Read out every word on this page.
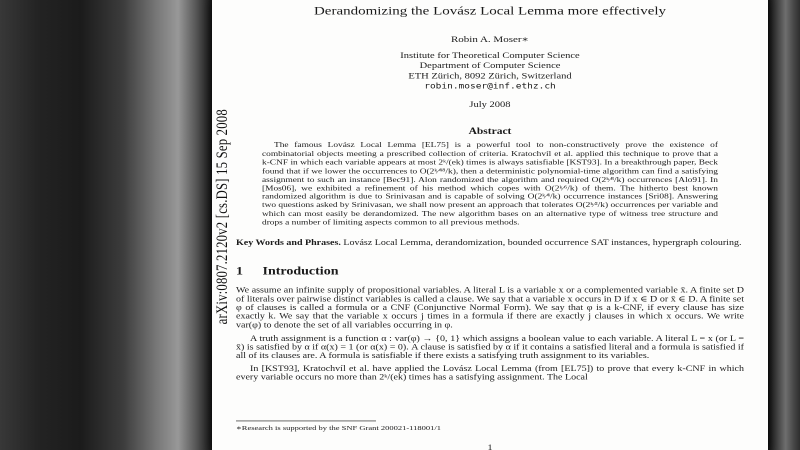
arXiv:0807.2120v2 [cs.DS] 15 Sep 2008
Derandomizing the Lovász Local Lemma more effectively
Robin A. Moser∗
Institute for Theoretical Computer Science
Department of Computer Science
ETH Zürich, 8092 Zürich, Switzerland
robin.moser@inf.ethz.ch
July 2008
Abstract
The famous Lovász Local Lemma [EL75] is a powerful tool to non-constructively prove the existence of combinatorial objects meeting a prescribed collection of criteria. Kratochvíl et al. applied this technique to prove that a k-CNF in which each variable appears at most 2ᵏ/(ek) times is always satisfiable [KST93]. In a breakthrough paper, Beck found that if we lower the occurrences to O(2ᵏ⁄⁴⁸/k), then a deterministic polynomial-time algorithm can find a satisfying assignment to such an instance [Bec91]. Alon randomized the algorithm and required O(2ᵏ⁄⁸/k) occurrences [Alo91]. In [Mos06], we exhibited a refinement of his method which copes with O(2ᵏ⁄⁶/k) of them. The hitherto best known randomized algorithm is due to Srinivasan and is capable of solving O(2ᵏ⁄⁴/k) occurrence instances [Sri08]. Answering two questions asked by Srinivasan, we shall now present an approach that tolerates O(2ᵏ⁄²/k) occurrences per variable and which can most easily be derandomized. The new algorithm bases on an alternative type of witness tree structure and drops a number of limiting aspects common to all previous methods.
Key Words and Phrases. Lovász Local Lemma, derandomization, bounded occurrence SAT instances, hypergraph colouring.
1 Introduction
We assume an infinite supply of propositional variables. A literal L is a variable x or a complemented variable x̄. A finite set D of literals over pairwise distinct variables is called a clause. We say that a variable x occurs in D if x ∈ D or x̄ ∈ D. A finite set φ of clauses is called a formula or a CNF (Conjunctive Normal Form). We say that φ is a k-CNF, if every clause has size exactly k. We say that the variable x occurs j times in a formula if there are exactly j clauses in which x occurs. We write var(φ) to denote the set of all variables occurring in φ.
A truth assignment is a function α : var(φ) → {0, 1} which assigns a boolean value to each variable. A literal L = x (or L = x̄) is satisfied by α if α(x) = 1 (or α(x) = 0). A clause is satisfied by α if it contains a satisfied literal and a formula is satisfied if all of its clauses are. A formula is satisfiable if there exists a satisfying truth assignment to its variables.
In [KST93], Kratochvíl et al. have applied the Lovász Local Lemma (from [EL75]) to prove that every k-CNF in which every variable occurs no more than 2ᵏ/(ek) times has a satisfying assignment. The Local
∗Research is supported by the SNF Grant 200021-118001/1
1
